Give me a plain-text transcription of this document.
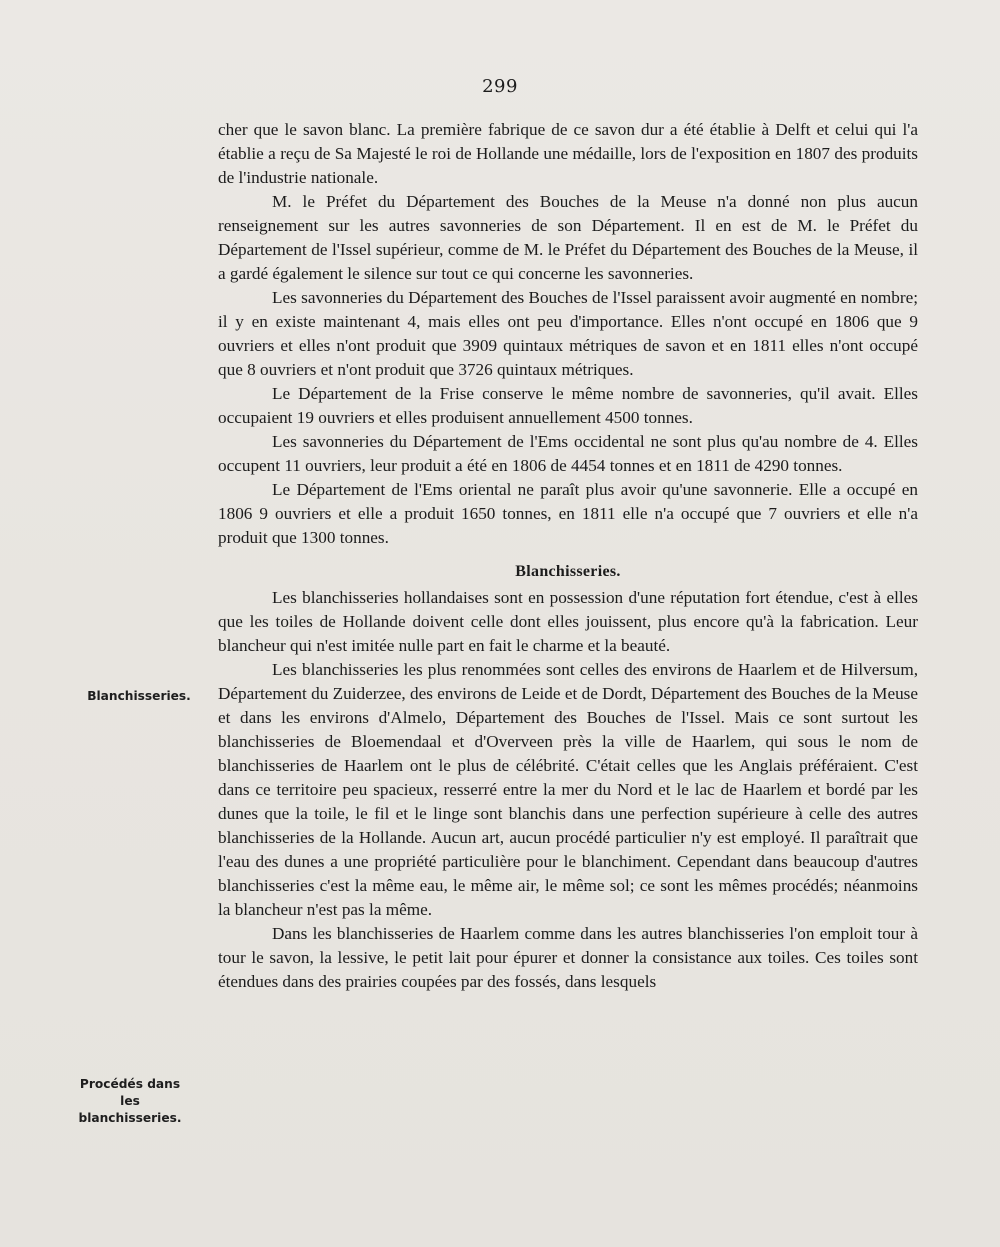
299
Blanchisseries.
Procédés dans les blanchisseries.

cher que le savon blanc. La première fabrique de ce savon dur a été établie à Delft et celui qui l'a établie a reçu de Sa Majesté le roi de Hollande une médaille, lors de l'exposition en 1807 des produits de l'industrie nationale.

M. le Préfet du Département des Bouches de la Meuse n'a donné non plus aucun renseignement sur les autres savonneries de son Département. Il en est de M. le Préfet du Département de l'Issel supérieur, comme de M. le Préfet du Département des Bouches de la Meuse, il a gardé également le silence sur tout ce qui concerne les savonneries.

Les savonneries du Département des Bouches de l'Issel paraissent avoir augmenté en nombre; il y en existe maintenant 4, mais elles ont peu d'importance. Elles n'ont occupé en 1806 que 9 ouvriers et elles n'ont produit que 3909 quintaux métriques de savon et en 1811 elles n'ont occupé que 8 ouvriers et n'ont produit que 3726 quintaux métriques.

Le Département de la Frise conserve le même nombre de savonneries, qu'il avait. Elles occupaient 19 ouvriers et elles produisent annuellement 4500 tonnes.

Les savonneries du Département de l'Ems occidental ne sont plus qu'au nombre de 4. Elles occupent 11 ouvriers, leur produit a été en 1806 de 4454 tonnes et en 1811 de 4290 tonnes.

Le Département de l'Ems oriental ne paraît plus avoir qu'une savonnerie. Elle a occupé en 1806 9 ouvriers et elle a produit 1650 tonnes, en 1811 elle n'a occupé que 7 ouvriers et elle n'a produit que 1300 tonnes.

Blanchisseries.

Les blanchisseries hollandaises sont en possession d'une réputation fort étendue, c'est à elles que les toiles de Hollande doivent celle dont elles jouissent, plus encore qu'à la fabrication. Leur blancheur qui n'est imitée nulle part en fait le charme et la beauté.

Les blanchisseries les plus renommées sont celles des environs de Haarlem et de Hilversum, Département du Zuiderzee, des environs de Leide et de Dordt, Département des Bouches de la Meuse et dans les environs d'Almelo, Département des Bouches de l'Issel. Mais ce sont surtout les blanchisseries de Bloemendaal et d'Overveen près la ville de Haarlem, qui sous le nom de blanchisseries de Haarlem ont le plus de célébrité. C'était celles que les Anglais préféraient. C'est dans ce territoire peu spacieux, resserré entre la mer du Nord et le lac de Haarlem et bordé par les dunes que la toile, le fil et le linge sont blanchis dans une perfection supérieure à celle des autres blanchisseries de la Hollande. Aucun art, aucun procédé particulier n'y est employé. Il paraîtrait que l'eau des dunes a une propriété particulière pour le blanchiment. Cependant dans beaucoup d'autres blanchisseries c'est la même eau, le même air, le même sol; ce sont les mêmes procédés; néanmoins la blancheur n'est pas la même.

Dans les blanchisseries de Haarlem comme dans les autres blanchisseries l'on emploit tour à tour le savon, la lessive, le petit lait pour épurer et donner la consistance aux toiles. Ces toiles sont étendues dans des prairies coupées par des fossés, dans lesquels
